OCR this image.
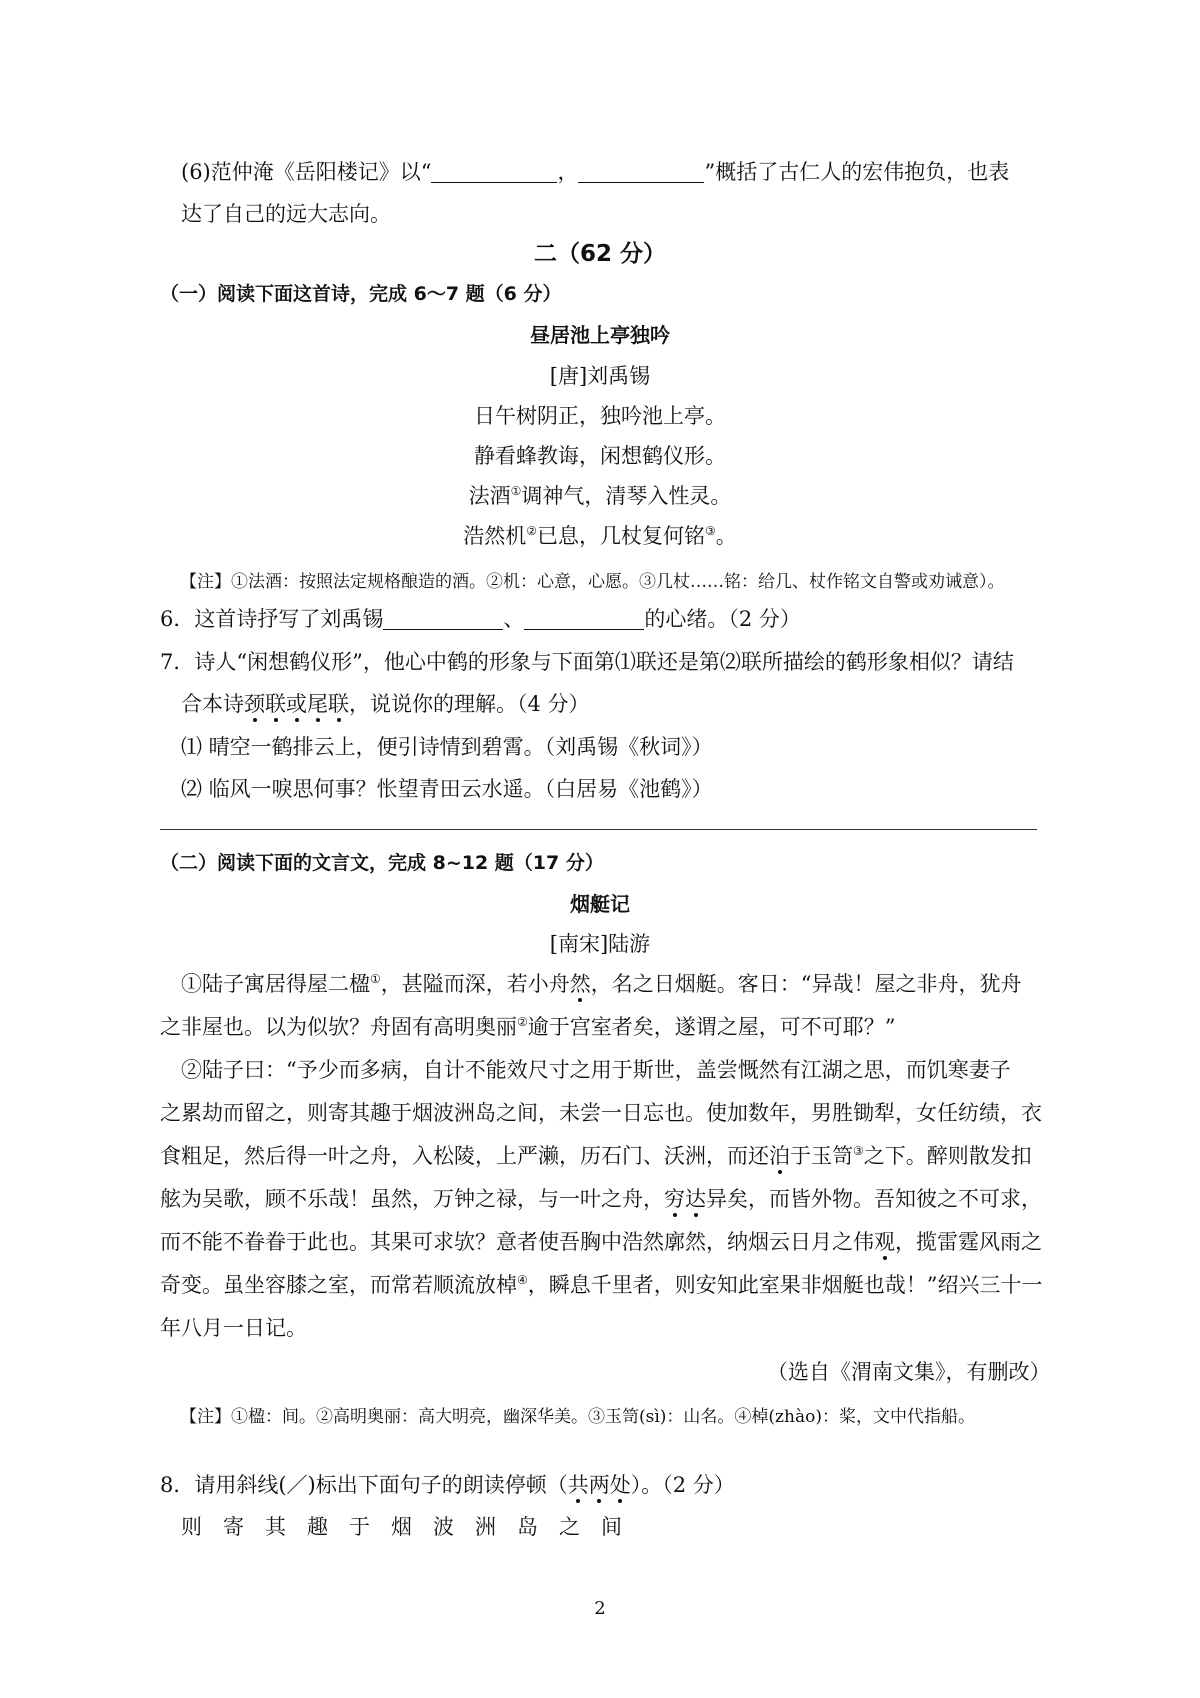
(6)范仲淹《岳阳楼记》以“	，	”概括了古仁人的宏伟抱负，也表
达了自己的远大志向。
二（62 分）
（一）阅读下面这首诗，完成 6～7 题（6 分）
昼居池上亭独吟
[唐]刘禹锡
日午树阴正，独吟池上亭。
静看蜂教诲，闲想鹤仪形。
法酒①调神气，清琴入性灵。
浩然机②已息，几杖复何铭③。
【注】①法酒：按照法定规格酿造的酒。②机：心意，心愿。③几杖……铭：给几、杖作铭文自警或劝诫意）。
6．这首诗抒写了刘禹锡	、	的心绪。（2 分）
7．诗人“闲想鹤仪形”，他心中鹤的形象与下面第⑴联还是第⑵联所描绘的鹤形象相似？请结
合本诗颈联或尾联，说说你的理解。（4 分）
⑴ 晴空一鹤排云上，便引诗情到碧霄。（刘禹锡《秋词》）
⑵ 临风一唳思何事？怅望青田云水遥。（白居易《池鹤》）
（二）阅读下面的文言文，完成 8~12 题（17 分）
烟艇记
[南宋]陆游
①陆子寓居得屋二楹①，甚隘而深，若小舟然，名之日烟艇。客日：“异哉！屋之非舟，犹舟
之非屋也。以为似欤？舟固有高明奥丽②逾于宫室者矣，遂谓之屋，可不可耶？”
②陆子曰：“予少而多病，自计不能效尺寸之用于斯世，盖尝慨然有江湖之思，而饥寒妻子
之累劫而留之，则寄其趣于烟波洲岛之间，未尝一日忘也。使加数年，男胜锄犁，女任纺绩，衣
食粗足，然后得一叶之舟，入松陵，上严濑，历石门、沃洲，而还泊于玉笥③之下。醉则散发扣
舷为吴歌，顾不乐哉！虽然，万钟之禄，与一叶之舟，穷达异矣，而皆外物。吾知彼之不可求，
而不能不眷眷于此也。其果可求欤？意者使吾胸中浩然廓然，纳烟云日月之伟观，揽雷霆风雨之
奇变。虽坐容膝之室，而常若顺流放棹④，瞬息千里者，则安知此室果非烟艇也哉！”绍兴三十一
年八月一日记。
（选自《渭南文集》，有删改）
【注】①楹：间。②高明奥丽：高大明亮，幽深华美。③玉笥(sì)：山名。④棹(zhào)：桨，文中代指船。
8．请用斜线(／)标出下面句子的朗读停顿（共两处）。（2 分）
则 寄 其 趣 于 烟 波 洲 岛 之 间
2
